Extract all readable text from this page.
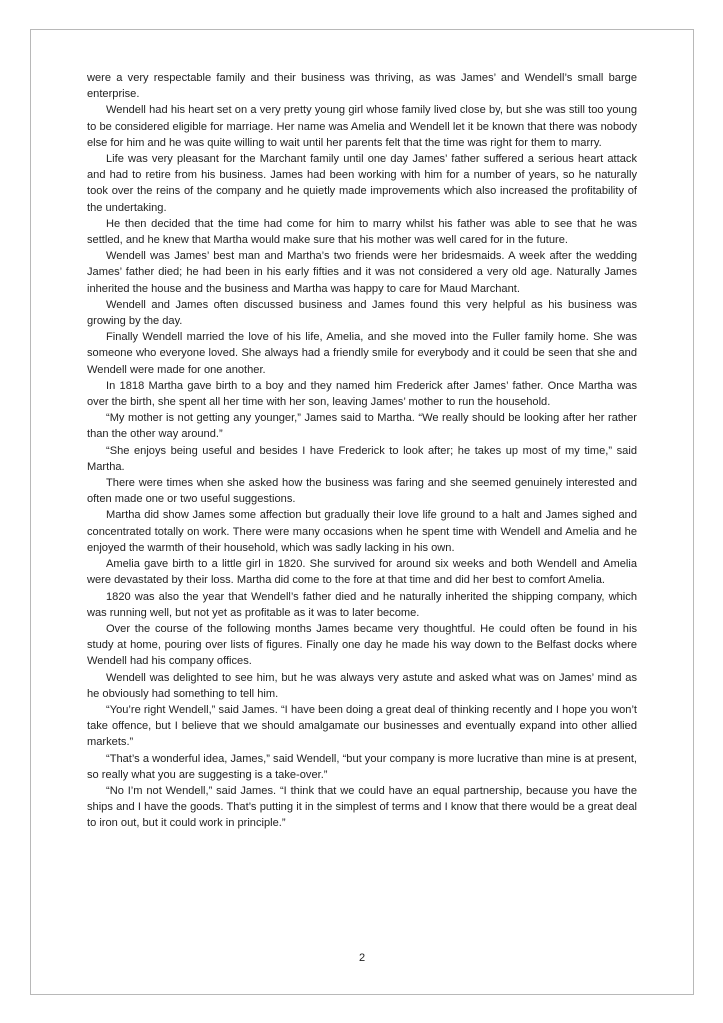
were a very respectable family and their business was thriving, as was James’ and Wendell’s small barge enterprise.

Wendell had his heart set on a very pretty young girl whose family lived close by, but she was still too young to be considered eligible for marriage. Her name was Amelia and Wendell let it be known that there was nobody else for him and he was quite willing to wait until her parents felt that the time was right for them to marry.

Life was very pleasant for the Marchant family until one day James’ father suffered a serious heart attack and had to retire from his business. James had been working with him for a number of years, so he naturally took over the reins of the company and he quietly made improvements which also increased the profitability of the undertaking.

He then decided that the time had come for him to marry whilst his father was able to see that he was settled, and he knew that Martha would make sure that his mother was well cared for in the future.

Wendell was James’ best man and Martha’s two friends were her bridesmaids. A week after the wedding James’ father died; he had been in his early fifties and it was not considered a very old age. Naturally James inherited the house and the business and Martha was happy to care for Maud Marchant.

Wendell and James often discussed business and James found this very helpful as his business was growing by the day.

Finally Wendell married the love of his life, Amelia, and she moved into the Fuller family home. She was someone who everyone loved. She always had a friendly smile for everybody and it could be seen that she and Wendell were made for one another.

In 1818 Martha gave birth to a boy and they named him Frederick after James’ father. Once Martha was over the birth, she spent all her time with her son, leaving James’ mother to run the household.

“My mother is not getting any younger,” James said to Martha. “We really should be looking after her rather than the other way around.”

“She enjoys being useful and besides I have Frederick to look after; he takes up most of my time,” said Martha.

There were times when she asked how the business was faring and she seemed genuinely interested and often made one or two useful suggestions.

Martha did show James some affection but gradually their love life ground to a halt and James sighed and concentrated totally on work. There were many occasions when he spent time with Wendell and Amelia and he enjoyed the warmth of their household, which was sadly lacking in his own.

Amelia gave birth to a little girl in 1820. She survived for around six weeks and both Wendell and Amelia were devastated by their loss. Martha did come to the fore at that time and did her best to comfort Amelia.

1820 was also the year that Wendell’s father died and he naturally inherited the shipping company, which was running well, but not yet as profitable as it was to later become.

Over the course of the following months James became very thoughtful. He could often be found in his study at home, pouring over lists of figures. Finally one day he made his way down to the Belfast docks where Wendell had his company offices.

Wendell was delighted to see him, but he was always very astute and asked what was on James’ mind as he obviously had something to tell him.

“You’re right Wendell,” said James. “I have been doing a great deal of thinking recently and I hope you won’t take offence, but I believe that we should amalgamate our businesses and eventually expand into other allied markets.”

“That’s a wonderful idea, James,” said Wendell, “but your company is more lucrative than mine is at present, so really what you are suggesting is a take-over.”

“No I’m not Wendell,” said James. “I think that we could have an equal partnership, because you have the ships and I have the goods. That’s putting it in the simplest of terms and I know that there would be a great deal to iron out, but it could work in principle.”

2
